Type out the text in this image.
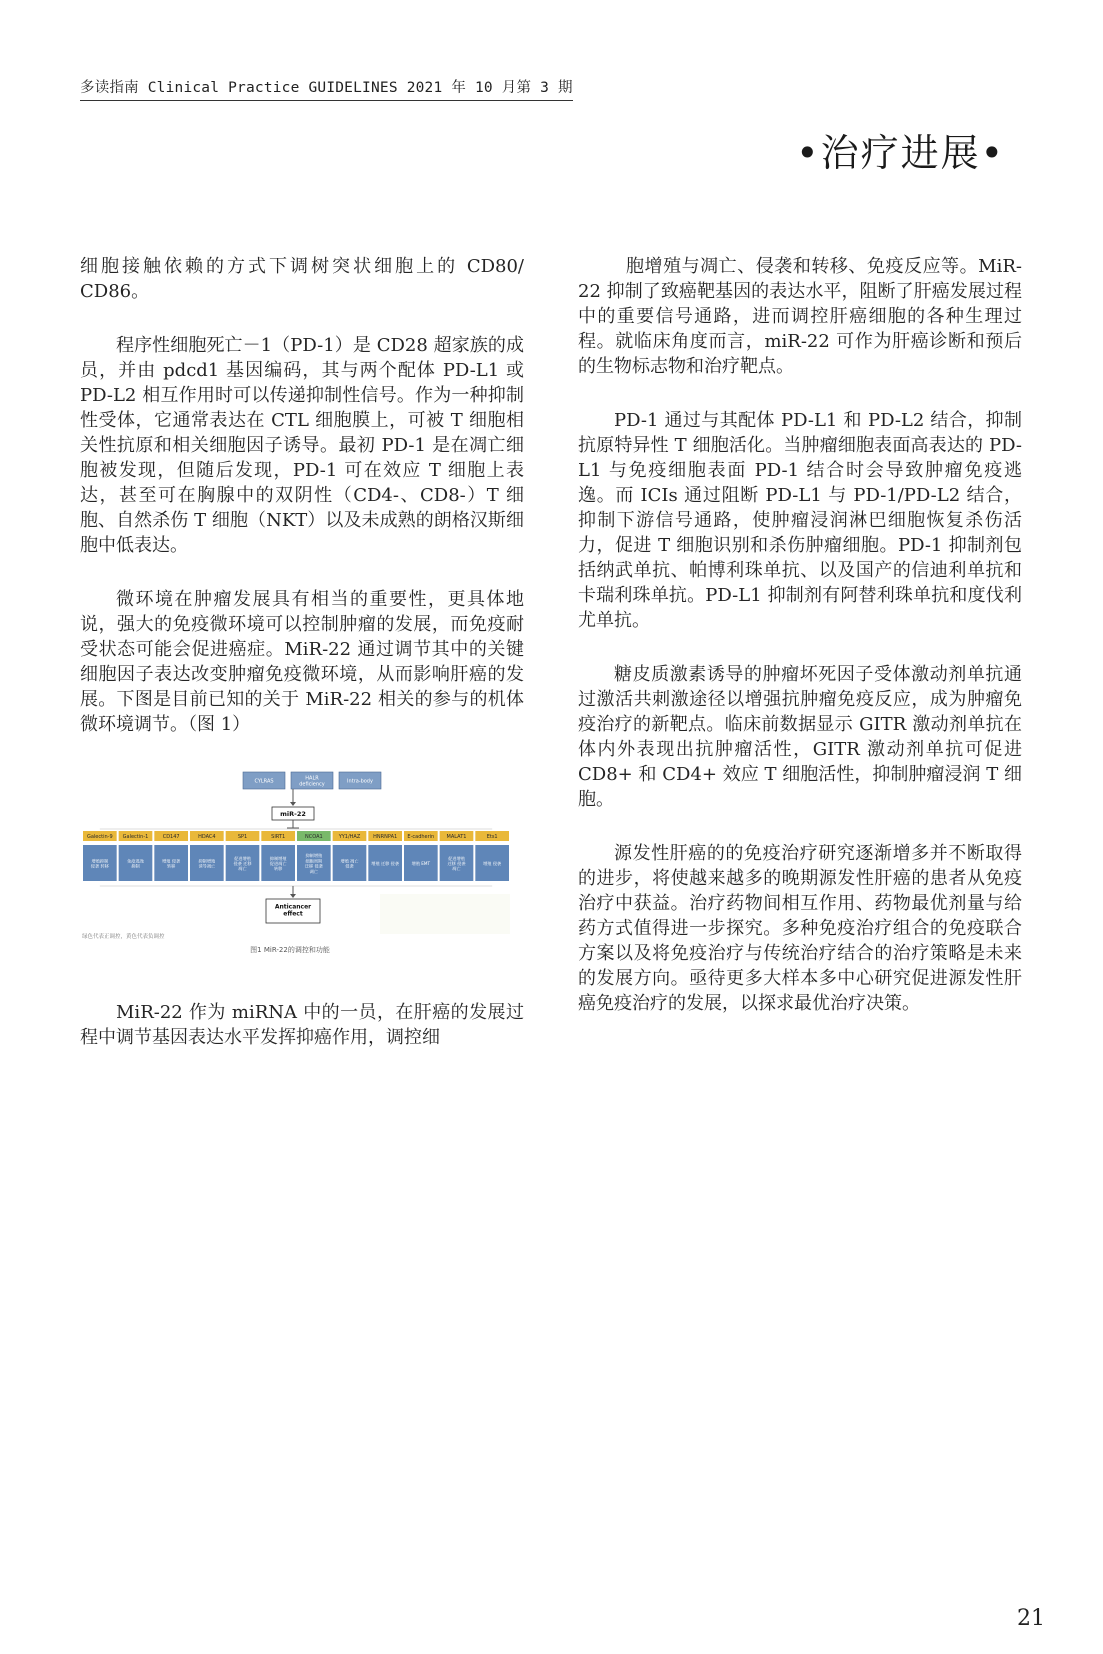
多读指南 Clinical Practice GUIDELINES 2021 年 10 月第 3 期
•治疗进展•

细胞接触依赖的方式下调树突状细胞上的 CD80/ CD86。

程序性细胞死亡－1（PD-1）是 CD28 超家族的成员，并由 pdcd1 基因编码，其与两个配体 PD-L1 或 PD-L2 相互作用时可以传递抑制性信号。作为一种抑制性受体，它通常表达在 CTL 细胞膜上，可被 T 细胞相关性抗原和相关细胞因子诱导。最初 PD-1 是在凋亡细胞被发现，但随后发现，PD-1 可在效应 T 细胞上表达，甚至可在胸腺中的双阴性（CD4-、CD8-）T 细胞、自然杀伤 T 细胞（NKT）以及未成熟的朗格汉斯细胞中低表达。

微环境在肿瘤发展具有相当的重要性，更具体地说，强大的免疫微环境可以控制肿瘤的发展，而免疫耐受状态可能会促进癌症。MiR-22 通过调节其中的关键细胞因子表达改变肿瘤免疫微环境，从而影响肝癌的发展。下图是目前已知的关于 MiR-22 相关的参与的机体微环境调节。（图 1）

CYLRAS	HALR deficiency	Intra-body
miR-22
Galectin-9 Galectin-1	CD147	HDAC4	SP1	SIRT1	NCOA1	YY1/HAZ	HNRNPA1 E-cadherin MALAT1	Ets1
增殖抑制侵袭 转移
免疫逃逸抑制
增殖 侵袭转移
抑制增殖诱导凋亡
促进增殖侵袭 迁移凋亡
抑制增殖促进凋亡转移
抑制增殖细胞周期迁移 侵袭凋亡
增殖 凋亡侵袭
增殖 迁移 侵袭	增殖 EMT
促进增殖迁移 侵袭凋亡
增殖 侵袭
Anticancer effect
绿色代表正调控，黄色代表负调控
图1 MiR-22的调控和功能

MiR-22 作为 miRNA 中的一员，在肝癌的发展过程中调节基因表达水平发挥抑癌作用，调控细

胞增殖与凋亡、侵袭和转移、免疫反应等。MiR-22 抑制了致癌靶基因的表达水平，阻断了肝癌发展过程中的重要信号通路，进而调控肝癌细胞的各种生理过程。就临床角度而言，miR-22 可作为肝癌诊断和预后的生物标志物和治疗靶点。

PD-1 通过与其配体 PD-L1 和 PD-L2 结合，抑制抗原特异性 T 细胞活化。当肿瘤细胞表面高表达的 PD-L1 与免疫细胞表面 PD-1 结合时会导致肿瘤免疫逃逸。而 ICIs 通过阻断 PD-L1 与 PD-1/PD-L2 结合，抑制下游信号通路，使肿瘤浸润淋巴细胞恢复杀伤活力，促进 T 细胞识别和杀伤肿瘤细胞。PD-1 抑制剂包括纳武单抗、帕博利珠单抗、以及国产的信迪利单抗和卡瑞利珠单抗。PD-L1 抑制剂有阿替利珠单抗和度伐利尤单抗。

糖皮质激素诱导的肿瘤坏死因子受体激动剂单抗通过激活共刺激途径以增强抗肿瘤免疫反应，成为肿瘤免疫治疗的新靶点。临床前数据显示 GITR 激动剂单抗在体内外表现出抗肿瘤活性，GITR 激动剂单抗可促进 CD8+ 和 CD4+ 效应 T 细胞活性，抑制肿瘤浸润 T 细胞。

源发性肝癌的的免疫治疗研究逐渐增多并不断取得的进步，将使越来越多的晚期源发性肝癌的患者从免疫治疗中获益。治疗药物间相互作用、药物最优剂量与给药方式值得进一步探究。多种免疫治疗组合的免疫联合方案以及将免疫治疗与传统治疗结合的治疗策略是未来的发展方向。亟待更多大样本多中心研究促进源发性肝癌免疫治疗的发展，以探求最优治疗决策。

21
